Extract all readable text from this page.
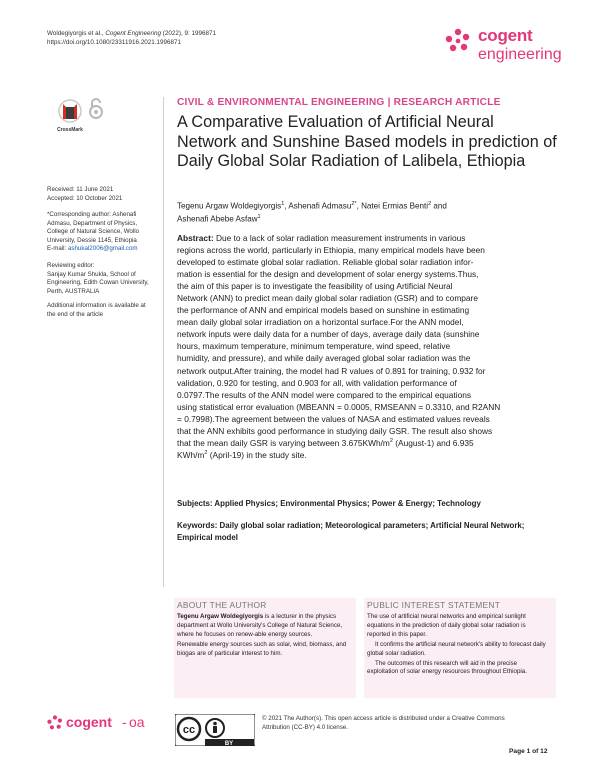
Woldegiyorgis et al., Cogent Engineering (2022), 9: 1996871
https://doi.org/10.1080/23311916.2021.1996871	cogent
engineering
CrossMark
Received: 11 June 2021
Accepted: 10 October 2021
*Corresponding author: Ashenafi
Admasu, Department of Physics,
College of Natural Science, Wollo
University, Dessie 1145, Ethiopia
E-mail: ashukal2006@gmail.com
Reviewing editor:
Sanjay Kumar Shukla, School of
Engineering, Edith Cowan University,
Perth, AUSTRALIA
Additional information is available at
the end of the article
CIVIL & ENVIRONMENTAL ENGINEERING | RESEARCH ARTICLE
A Comparative Evaluation of Artificial Neural Network and Sunshine Based models in prediction of Daily Global Solar Radiation of Lalibela, Ethiopia
Tegenu Argaw Woldegiyorgis$^1$, Ashenafi Admasu$^{2*}$, Natei Ermias Benti$^2$ and
Ashenafi Abebe Asfaw$^1$
Abstract: Due to a lack of solar radiation measurement instruments in various
regions across the world, particularly in Ethiopia, many empirical models have been
developed to estimate global solar radiation. Reliable global solar radiation infor-
mation is essential for the design and development of solar energy systems.Thus,
the aim of this paper is to investigate the feasibility of using Artificial Neural
Network (ANN) to predict mean daily global solar radiation (GSR) and to compare
the performance of ANN and empirical models based on sunshine in estimating
mean daily global solar irradiation on a horizontal surface.For the ANN model,
network inputs were daily data for a number of days, average daily data (sunshine
hours, maximum temperature, minimum temperature, wind speed, relative
humidity, and pressure), and while daily averaged global solar radiation was the
network output.After training, the model had R values of 0.891 for training, 0.932 for
validation, 0.920 for testing, and 0.903 for all, with validation performance of
0.0797.The results of the ANN model were compared to the empirical equations
using statistical error evaluation (MBEANN = 0.0005, RMSEANN = 0.3310, and R2ANN
= 0.7998).The agreement between the values of NASA and estimated values reveals
that the ANN exhibits good performance in studying daily GSR. The result also shows
that the mean daily GSR is varying between $3.675KWh/m^2$ (August-1) and 6.935
KWh/$m^2$ (April-19) in the study site.
Subjects: Applied Physics; Environmental Physics; Power & Energy; Technology
Keywords: Daily global solar radiation; Meteorological parameters; Artificial Neural Network; Empirical model
ABOUT THE AUTHOR

Tegenu Argaw Woldegiyorgis is a lecturer in the physics department at Wollo University's College of Natural Science, where he focuses on renew-able energy sources.

Renewable energy sources such as solar, wind, biomass, and biogas are of particular interest to him.

PUBLIC INTEREST STATEMENT

The use of artificial neural networks and empirical sunlight equations in the prediction of daily global solar radiation is reported in this paper.

It confirms the artificial neural network's ability to forecast daily global solar radiation.

The outcomes of this research will aid in the precise exploitation of solar energy resources throughout Ethiopia.

cogent - oa	cc
BY
© 2021 The Author(s). This open access article is distributed under a Creative Commons
Attribution (CC-BY) 4.0 license.
Page 1 of 12
